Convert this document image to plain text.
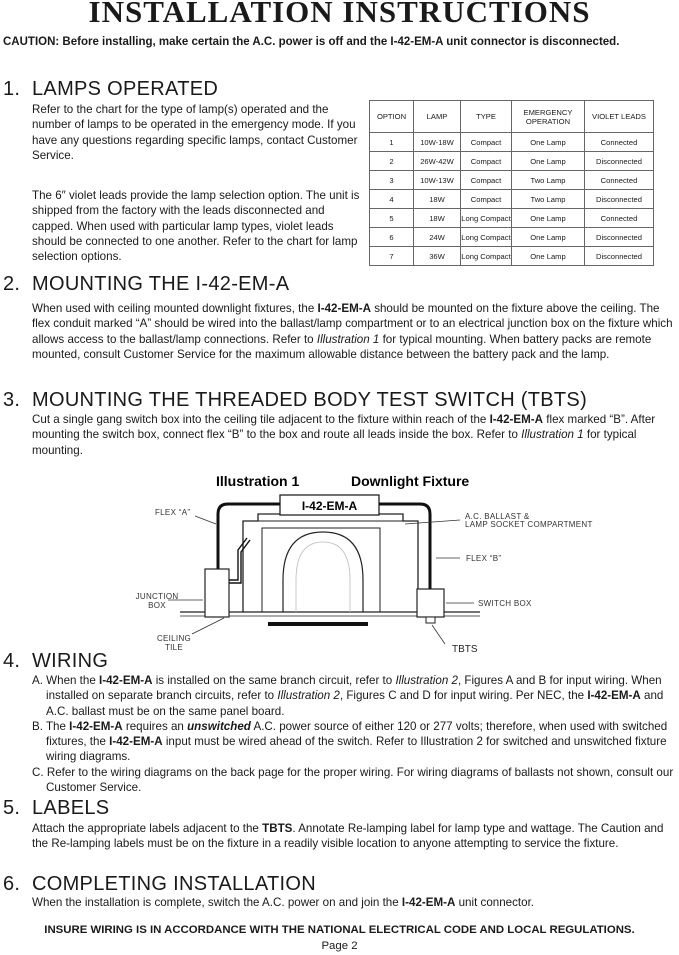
INSTALLATION INSTRUCTIONS
CAUTION: Before installing, make certain the A.C. power is off and the I-42-EM-A unit connector is disconnected.
1. LAMPS OPERATED
Refer to the chart for the type of lamp(s) operated and the number of lamps to be operated in the emergency mode. If you have any questions regarding specific lamps, contact Customer Service.
The 6″ violet leads provide the lamp selection option. The unit is shipped from the factory with the leads disconnected and capped. When used with particular lamp types, violet leads should be connected to one another. Refer to the chart for lamp selection options.
OPTION	LAMP	TYPE	EMERGENCY OPERATION	VIOLET LEADS
1	10W-18W	Compact	One Lamp	Connected
2	26W-42W	Compact	One Lamp	Disconnected
3	10W-13W	Compact	Two Lamp	Connected
4	18W	Compact	Two Lamp	Disconnected
5	18W	Long Compact	One Lamp	Connected
6	24W	Long Compact	One Lamp	Disconnected
7	36W	Long Compact	One Lamp	Disconnected
2. MOUNTING THE I-42-EM-A
When used with ceiling mounted downlight fixtures, the I-42-EM-A should be mounted on the fixture above the ceiling. The flex conduit marked “A” should be wired into the ballast/lamp compartment or to an electrical junction box on the fixture which allows access to the ballast/lamp connections. Refer to Illustration 1 for typical mounting. When battery packs are remote mounted, consult Customer Service for the maximum allowable distance between the battery pack and the lamp.
3. MOUNTING THE THREADED BODY TEST SWITCH (TBTS)
Cut a single gang switch box into the ceiling tile adjacent to the fixture within reach of the I-42-EM-A flex marked “B”. After mounting the switch box, connect flex “B” to the box and route all leads inside the box. Refer to Illustration 1 for typical mounting.
Illustration 1	Downlight Fixture
I-42-EM-A
FLEX “A”	A.C. BALLAST &
LAMP SOCKET COMPARTMENT
FLEX “B”
JUNCTION
BOX	SWITCH BOX
CEILING
TILE	TBTS
4. WIRING
A. When the I-42-EM-A is installed on the same branch circuit, refer to Illustration 2, Figures A and B for input wiring. When installed on separate branch circuits, refer to Illustration 2, Figures C and D for input wiring. Per NEC, the I-42-EM-A and A.C. ballast must be on the same panel board.
B. The I-42-EM-A requires an unswitched A.C. power source of either 120 or 277 volts; therefore, when used with switched fixtures, the I-42-EM-A input must be wired ahead of the switch. Refer to Illustration 2 for switched and unswitched fixture wiring diagrams.
C. Refer to the wiring diagrams on the back page for the proper wiring. For wiring diagrams of ballasts not shown, consult our Customer Service.
5. LABELS
Attach the appropriate labels adjacent to the TBTS. Annotate Re-lamping label for lamp type and wattage. The Caution and the Re-lamping labels must be on the fixture in a readily visible location to anyone attempting to service the fixture.
6. COMPLETING INSTALLATION
When the installation is complete, switch the A.C. power on and join the I-42-EM-A unit connector.
INSURE WIRING IS IN ACCORDANCE WITH THE NATIONAL ELECTRICAL CODE AND LOCAL REGULATIONS.
Page 2
